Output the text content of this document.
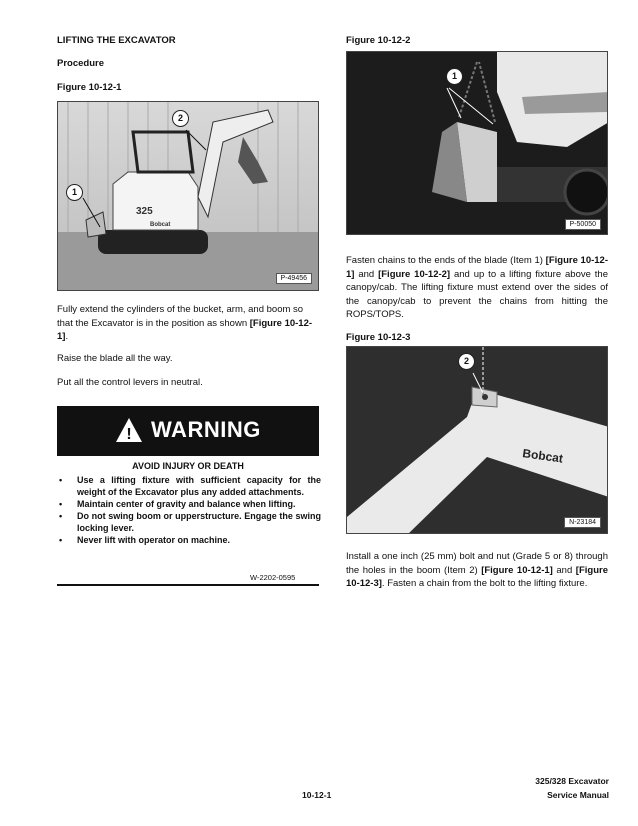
LIFTING THE EXCAVATOR
Procedure
Figure 10-12-1
325
Bobcat
1
2
P-49456
Fully extend the cylinders of the bucket, arm, and boom so that the Excavator is in the position as shown [Figure 10-12-1].
Raise the blade all the way.
Put all the control levers in neutral.
! WARNING
AVOID INJURY OR DEATH
• Use a lifting fixture with sufficient capacity for the weight of the Excavator plus any added attachments.
• Maintain center of gravity and balance when lifting.
• Do not swing boom or upperstructure. Engage the swing locking lever.
• Never lift with operator on machine.
W-2202-0595
Figure 10-12-2
1
P-50050
Fasten chains to the ends of the blade (Item 1) [Figure 10-12-1] and [Figure 10-12-2] and up to a lifting fixture above the canopy/cab. The lifting fixture must extend over the sides of the canopy/cab to prevent the chains from hitting the ROPS/TOPS.
Figure 10-12-3
Bobcat
2
N-23184
Install a one inch (25 mm) bolt and nut (Grade 5 or 8) through the holes in the boom (Item 2) [Figure 10-12-1] and [Figure 10-12-3]. Fasten a chain from the bolt to the lifting fixture.
10-12-1
325/328 Excavator
Service Manual
